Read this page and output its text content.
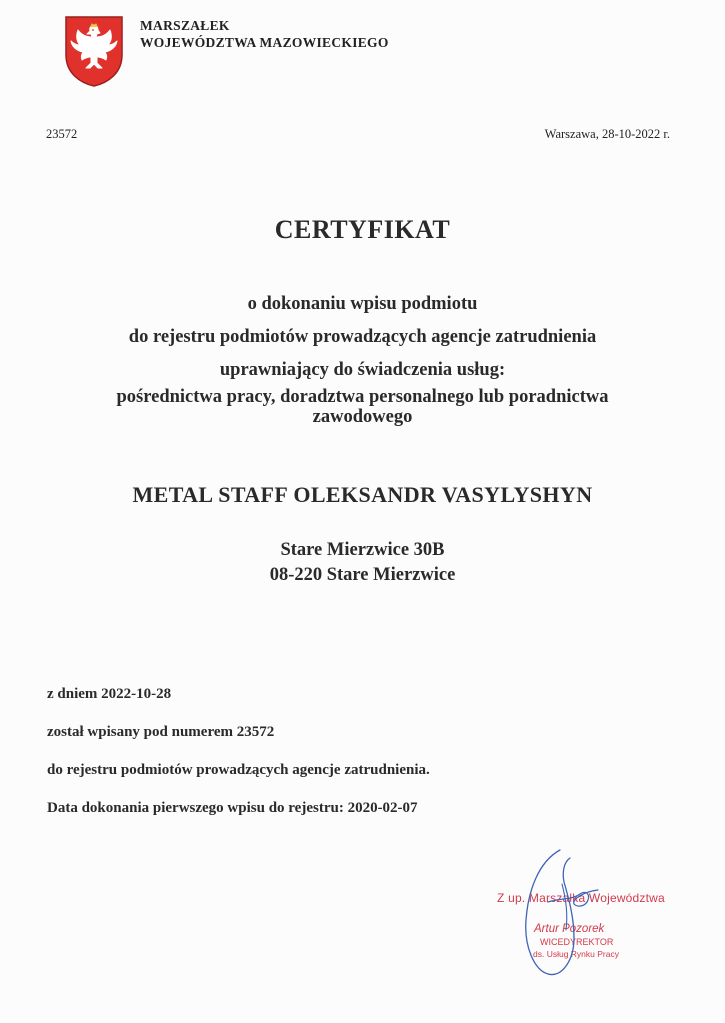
MARSZAŁEK
WOJEWÓDZTWA MAZOWIECKIEGO
23572	Warszawa, 28-10-2022 r.
CERTYFIKAT
o dokonaniu wpisu podmiotu
do rejestru podmiotów prowadzących agencje zatrudnienia
uprawniający do świadczenia usług:
pośrednictwa pracy, doradztwa personalnego lub poradnictwa
zawodowego
METAL STAFF OLEKSANDR VASYLYSHYN
Stare Mierzwice 30B
08-220 Stare Mierzwice
z dniem 2022-10-28
został wpisany pod numerem 23572
do rejestru podmiotów prowadzących agencje zatrudnienia.
Data dokonania pierwszego wpisu do rejestru: 2020-02-07
Z up. Marszałka Województwa
Artur Pozorek
WICEDYREKTOR
ds. Usług Rynku Pracy
